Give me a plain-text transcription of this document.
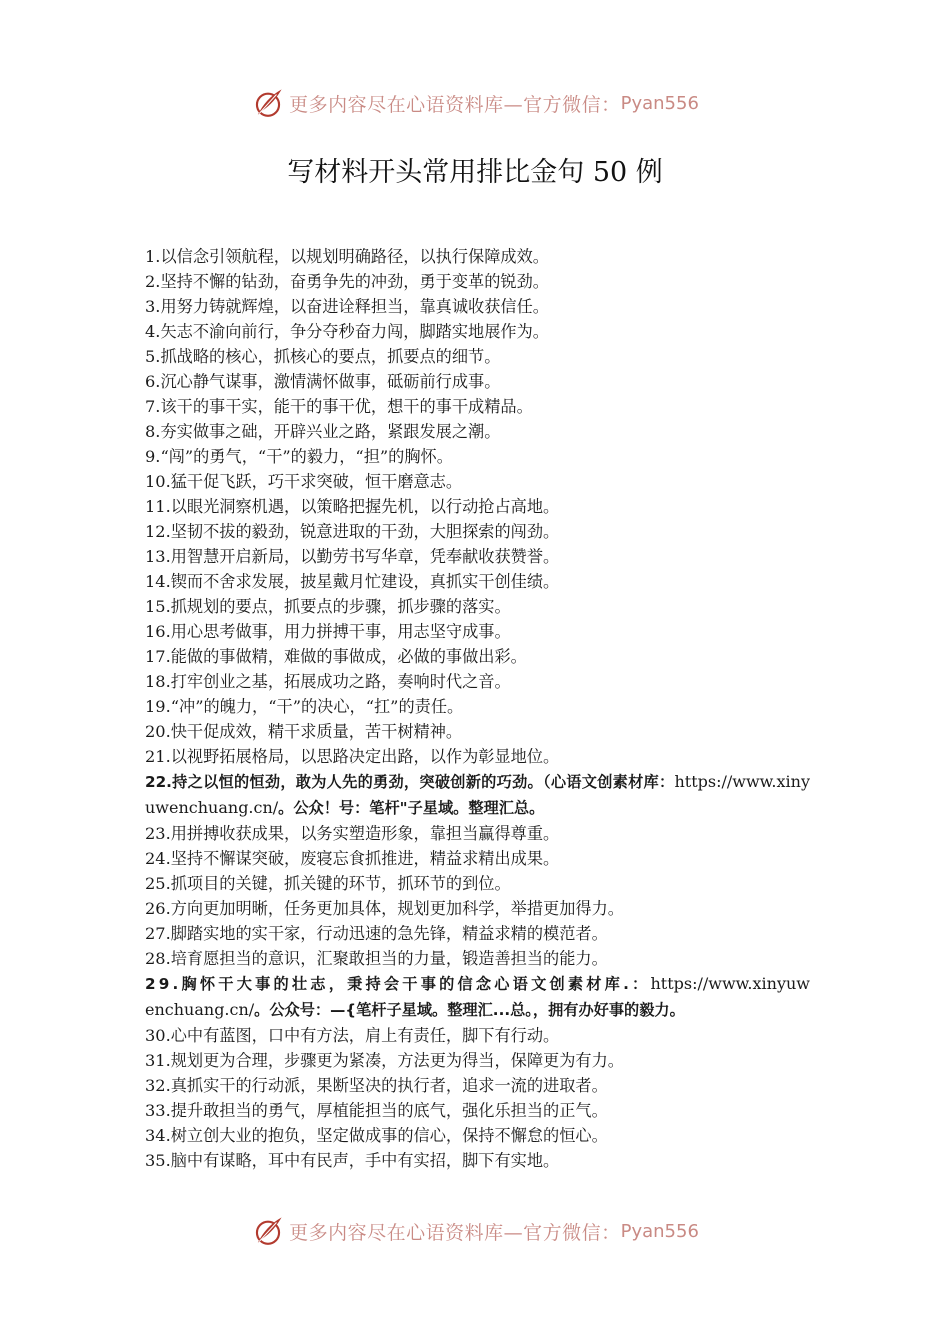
更多内容尽在心语资料库—官方微信： Pyan556
写材料开头常用排比金句 50 例
1.以信念引领航程，以规划明确路径，以执行保障成效。
2.坚持不懈的钻劲，奋勇争先的冲劲，勇于变革的锐劲。
3.用努力铸就辉煌，以奋进诠释担当，靠真诚收获信任。
4.矢志不渝向前行，争分夺秒奋力闯，脚踏实地展作为。
5.抓战略的核心，抓核心的要点，抓要点的细节。
6.沉心静气谋事，激情满怀做事，砥砺前行成事。
7.该干的事干实，能干的事干优，想干的事干成精品。
8.夯实做事之础，开辟兴业之路，紧跟发展之潮。
9.“闯”的勇气，“干”的毅力，“担”的胸怀。
10.猛干促飞跃，巧干求突破，恒干磨意志。
11.以眼光洞察机遇，以策略把握先机，以行动抢占高地。
12.坚韧不拔的毅劲，锐意进取的干劲，大胆探索的闯劲。
13.用智慧开启新局，以勤劳书写华章，凭奉献收获赞誉。
14.锲而不舍求发展，披星戴月忙建设，真抓实干创佳绩。
15.抓规划的要点，抓要点的步骤，抓步骤的落实。
16.用心思考做事，用力拼搏干事，用志坚守成事。
17.能做的事做精，难做的事做成，必做的事做出彩。
18.打牢创业之基，拓展成功之路，奏响时代之音。
19.“冲”的魄力，“干”的决心，“扛”的责任。
20.快干促成效，精干求质量，苦干树精神。
21.以视野拓展格局，以思路决定出路，以作为彰显地位。
22.持之以恒的恒劲，敢为人先的勇劲，突破创新的巧劲。（心语文创素材库：https://www.xinyuwenchuang.cn/。公众！号：笔杆"子星域。整理汇总。
23.用拼搏收获成果，以务实塑造形象，靠担当赢得尊重。
24.坚持不懈谋突破，废寝忘食抓推进，精益求精出成果。
25.抓项目的关键，抓关键的环节，抓环节的到位。
26.方向更加明晰，任务更加具体，规划更加科学，举措更加得力。
27.脚踏实地的实干家，行动迅速的急先锋，精益求精的模范者。
28.培育愿担当的意识，汇聚敢担当的力量，锻造善担当的能力。
29.胸怀干大事的壮志，秉持会干事的信念心语文创素材库.：https://www.xinyuwenchuang.cn/。公众号：—{笔杆子星域。整理汇...总。，拥有办好事的毅力。
30.心中有蓝图，口中有方法，肩上有责任，脚下有行动。
31.规划更为合理，步骤更为紧凑，方法更为得当，保障更为有力。
32.真抓实干的行动派，果断坚决的执行者，追求一流的进取者。
33.提升敢担当的勇气，厚植能担当的底气，强化乐担当的正气。
34.树立创大业的抱负，坚定做成事的信心，保持不懈怠的恒心。
35.脑中有谋略，耳中有民声，手中有实招，脚下有实地。
更多内容尽在心语资料库—官方微信： Pyan556
